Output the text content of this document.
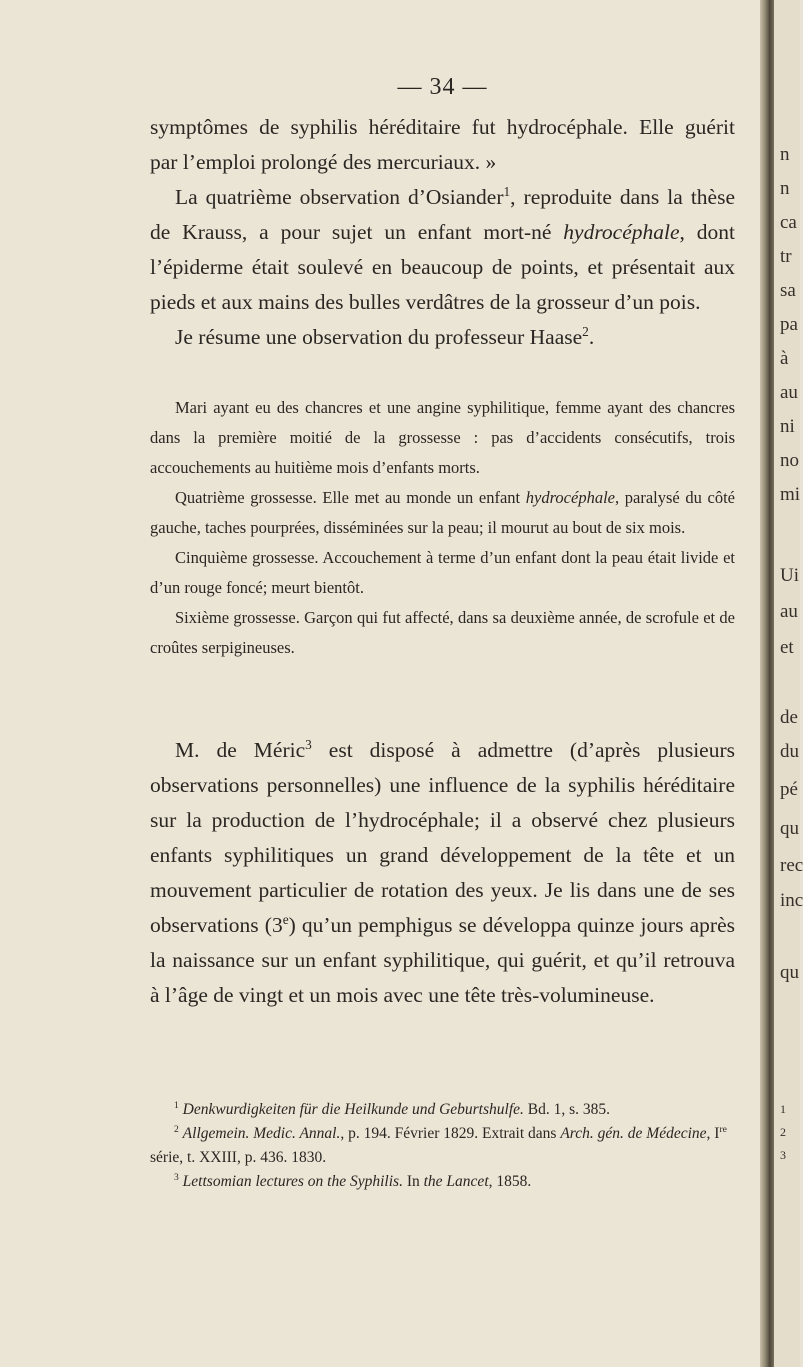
— 34 —

symptômes de syphilis héréditaire fut hydrocéphale. Elle guérit

par l’emploi prolongé des mercuriaux. »

La quatrième observation d’Osiander$^1$, reproduite dans la thèse de Krauss, a pour sujet un enfant mort-né hydrocéphale, dont l’épiderme était soulevé en beaucoup de points, et présentait aux pieds et aux mains des bulles verdâtres de la grosseur d’un pois.

Je résume une observation du professeur Haase$^2$.

Mari ayant eu des chancres et une angine syphilitique, femme ayant des chancres dans la première moitié de la grossesse : pas d’accidents consécutifs, trois accouchements au huitième mois d’enfants morts.

Quatrième grossesse. Elle met au monde un enfant hydrocéphale, paralysé du côté gauche, taches pourprées, disséminées sur la peau; il mourut au bout de six mois.

Cinquième grossesse. Accouchement à terme d’un enfant dont la peau était livide et d’un rouge foncé; meurt bientôt.

Sixième grossesse. Garçon qui fut affecté, dans sa deuxième année, de scrofule et de croûtes serpigineuses.

M. de Méric$^3$ est disposé à admettre (d’après plusieurs observations personnelles) une influence de la syphilis héréditaire sur la production de l’hydrocéphale; il a observé chez plusieurs enfants syphilitiques un grand développement de la tête et un mouvement particulier de rotation des yeux. Je lis dans une de ses observations (3e) qu’un pemphigus se développa quinze jours après la naissance sur un enfant syphilitique, qui guérit, et qu’il retrouva à l’âge de vingt et un mois avec une tête très-volumineuse.

$^1$ Denkwurdigkeiten für die Heilkunde und Geburtshulfe. Bd. 1, s. 385.

$^2$ Allgemein. Medic. Annal., p. 194. Février 1829. Extrait dans Arch. gén. de Médecine, Ire série, t. XXIII, p. 436. 1830.

$^3$ Lettsomian lectures on the Syphilis. In the Lancet, 1858.

n
n
ca
tr
sa
pa
à
au
ni
no
mi
Ui
au
et
de
du
pé
qu
rec
inc
qu
1
2
3
